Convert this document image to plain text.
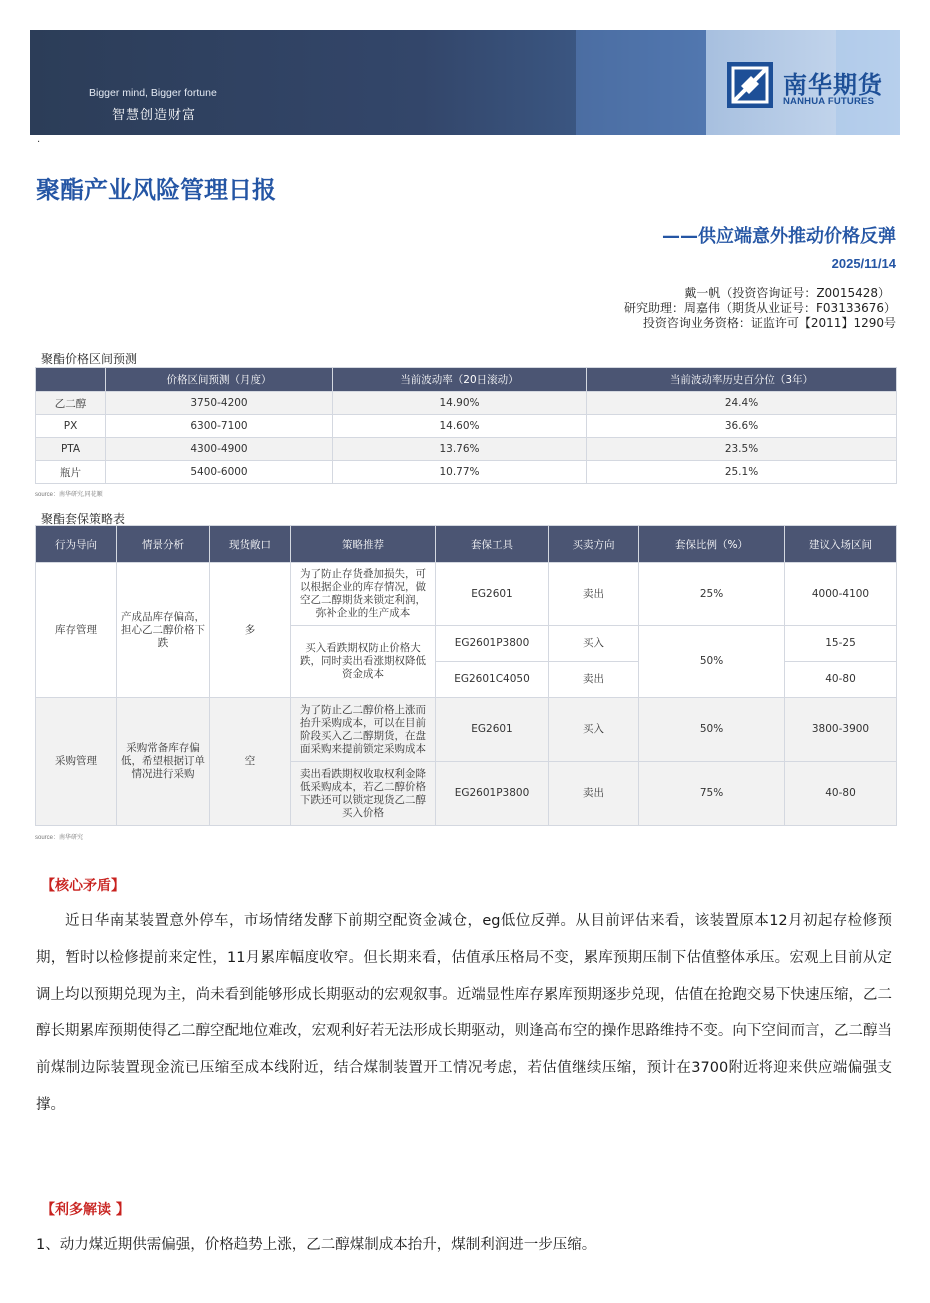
Bigger mind, Bigger fortune
智慧创造财富
南华期货
NANHUA FUTURES
·
聚酯产业风险管理日报
——供应端意外推动价格反弹
2025/11/14
戴一帆（投资咨询证号：Z0015428）
研究助理：周嘉伟（期货从业证号：F03133676）
投资咨询业务资格：证监许可【2011】1290号
聚酯价格区间预测
	价格区间预测（月度）	当前波动率（20日滚动）	当前波动率历史百分位（3年）
乙二醇	3750-4200	14.90%	24.4%
PX	6300-7100	14.60%	36.6%
PTA	4300-4900	13.76%	23.5%
瓶片	5400-6000	10.77%	25.1%
source：南华研究,同花顺
聚酯套保策略表
行为导向	情景分析	现货敞口	策略推荐	套保工具	买卖方向	套保比例（%）	建议入场区间
库存管理	产成品库存偏高，担心乙二醇价格下跌	多	为了防止存货叠加损失，可以根据企业的库存情况，做空乙二醇期货来锁定利润，弥补企业的生产成本	EG2601	卖出	25%	4000-4100
			买入看跌期权防止价格大跌，同时卖出看涨期权降低资金成本	EG2601P3800	买入	50%	15-25
				EG2601C4050	卖出		40-80
采购管理	采购常备库存偏低，希望根据订单情况进行采购	空	为了防止乙二醇价格上涨而抬升采购成本，可以在目前阶段买入乙二醇期货，在盘面采购来提前锁定采购成本	EG2601	买入	50%	3800-3900
			卖出看跌期权收取权利金降低采购成本，若乙二醇价格下跌还可以锁定现货乙二醇买入价格	EG2601P3800	卖出	75%	40-80
source：南华研究
【核心矛盾】
近日华南某装置意外停车，市场情绪发酵下前期空配资金减仓，eg低位反弹。从目前评估来看，该装置原本12月初起存检修预期，暂时以检修提前来定性，11月累库幅度收窄。但长期来看，估值承压格局不变，累库预期压制下估值整体承压。宏观上目前从定调上均以预期兑现为主，尚未看到能够形成长期驱动的宏观叙事。近端显性库存累库预期逐步兑现，估值在抢跑交易下快速压缩，乙二醇长期累库预期使得乙二醇空配地位难改，宏观利好若无法形成长期驱动，则逢高布空的操作思路维持不变。向下空间而言，乙二醇当前煤制边际装置现金流已压缩至成本线附近，结合煤制装置开工情况考虑，若估值继续压缩，预计在3700附近将迎来供应端偏强支撑。
【利多解读 】
1、动力煤近期供需偏强，价格趋势上涨，乙二醇煤制成本抬升，煤制利润进一步压缩。
